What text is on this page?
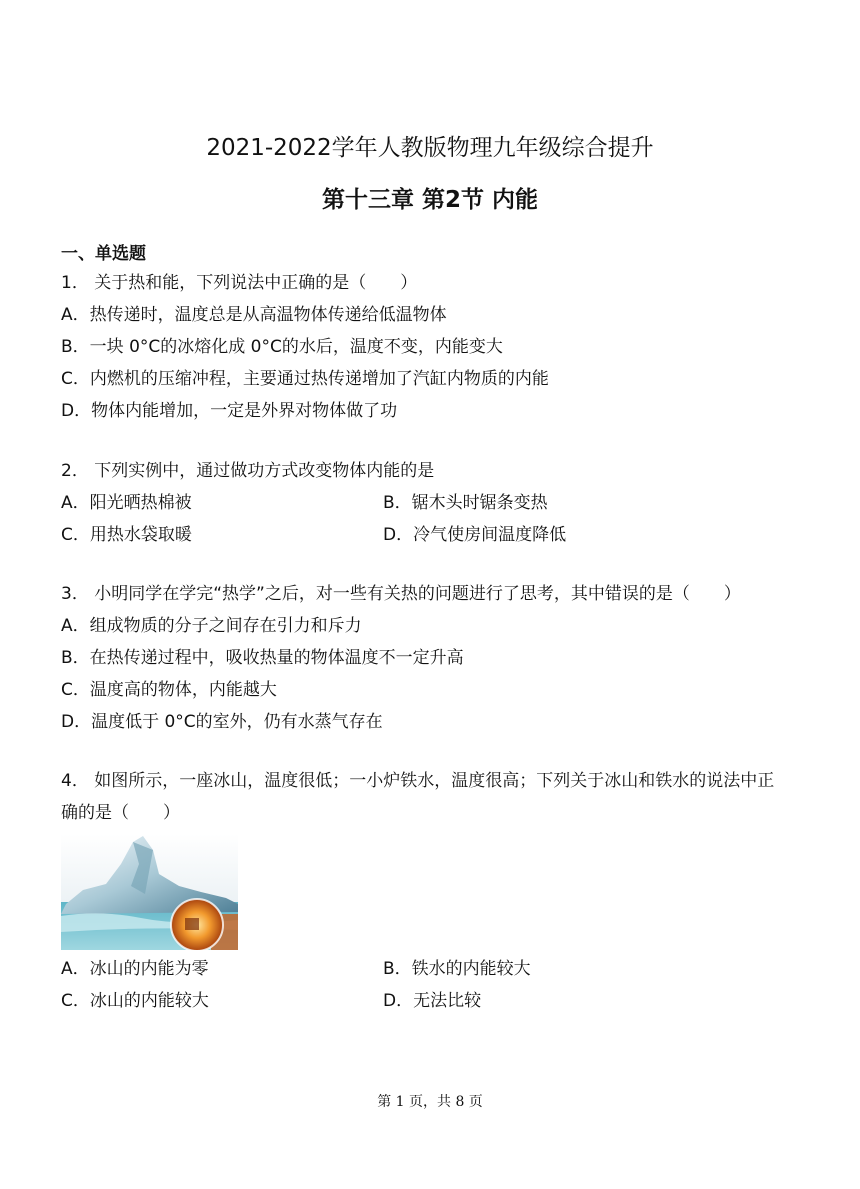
2021-2022学年人教版物理九年级综合提升
第十三章 第2节 内能
一、单选题
1． 关于热和能，下列说法中正确的是（　　）
A．热传递时，温度总是从高温物体传递给低温物体
B．一块 0°C的冰熔化成 0°C的水后，温度不变，内能变大
C．内燃机的压缩冲程，主要通过热传递增加了汽缸内物质的内能
D．物体内能增加，一定是外界对物体做了功
2． 下列实例中，通过做功方式改变物体内能的是
A．阳光晒热棉被	B．锯木头时锯条变热
C．用热水袋取暖	D．冷气使房间温度降低
3． 小明同学在学完“热学”之后，对一些有关热的问题进行了思考，其中错误的是（　　）
A．组成物质的分子之间存在引力和斥力
B．在热传递过程中，吸收热量的物体温度不一定升高
C．温度高的物体，内能越大
D．温度低于 0°C的室外，仍有水蒸气存在
4． 如图所示，一座冰山，温度很低；一小炉铁水，温度很高；下列关于冰山和铁水的说法中正
确的是（　　）
A．冰山的内能为零	B．铁水的内能较大
C．冰山的内能较大	D．无法比较
第 1 页，共 8 页
